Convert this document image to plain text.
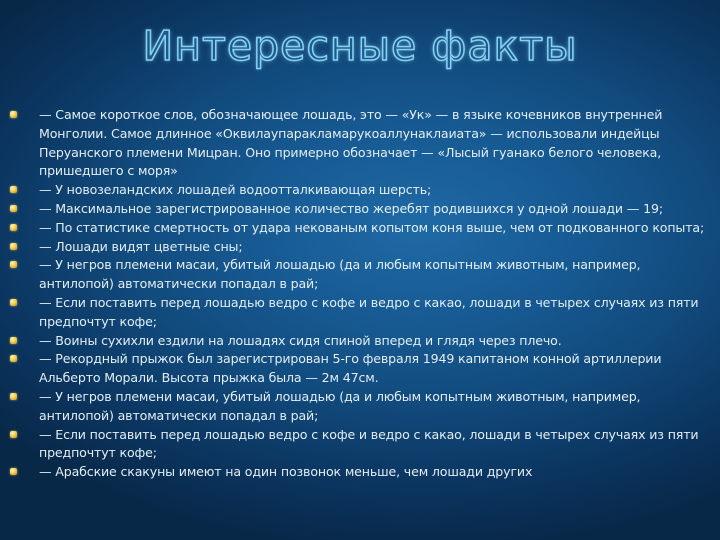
Интересные факты
— Самое короткое слов, обозначающее лошадь, это — «Ук» — в языке кочевников внутренней Монголии. Самое длинное «Оквилаупаракламарукоаллунаклаиата» — использовали индейцы Перуанского племени Мицран. Оно примерно обозначает — «Лысый гуанако белого человека, пришедшего с моря»
— У новозеландских лошадей водоотталкивающая шерсть;
— Максимальное зарегистрированное количество жеребят родившихся у одной лошади — 19;
— По статистике смертность от удара некованым копытом коня выше, чем от подкованного копыта;
— Лошади видят цветные сны;
— У негров племени масаи, убитый лошадью (да и любым копытным животным, например, антилопой) автоматически попадал в рай;
— Если поставить перед лошадью ведро с кофе и ведро с какао, лошади в четырех случаях из пяти предпочтут кофе;
— Воины сухихли ездили на лошадях сидя спиной вперед и глядя через плечо.
— Рекордный прыжок был зарегистрирован 5-го февраля 1949 капитаном конной артиллерии Альберто Морали. Высота прыжка была — 2м 47см.
— У негров племени масаи, убитый лошадью (да и любым копытным животным, например, антилопой) автоматически попадал в рай;
— Если поставить перед лошадью ведро с кофе и ведро с какао, лошади в четырех случаях из пяти предпочтут кофе;
— Арабские скакуны имеют на один позвонок меньше, чем лошади других
